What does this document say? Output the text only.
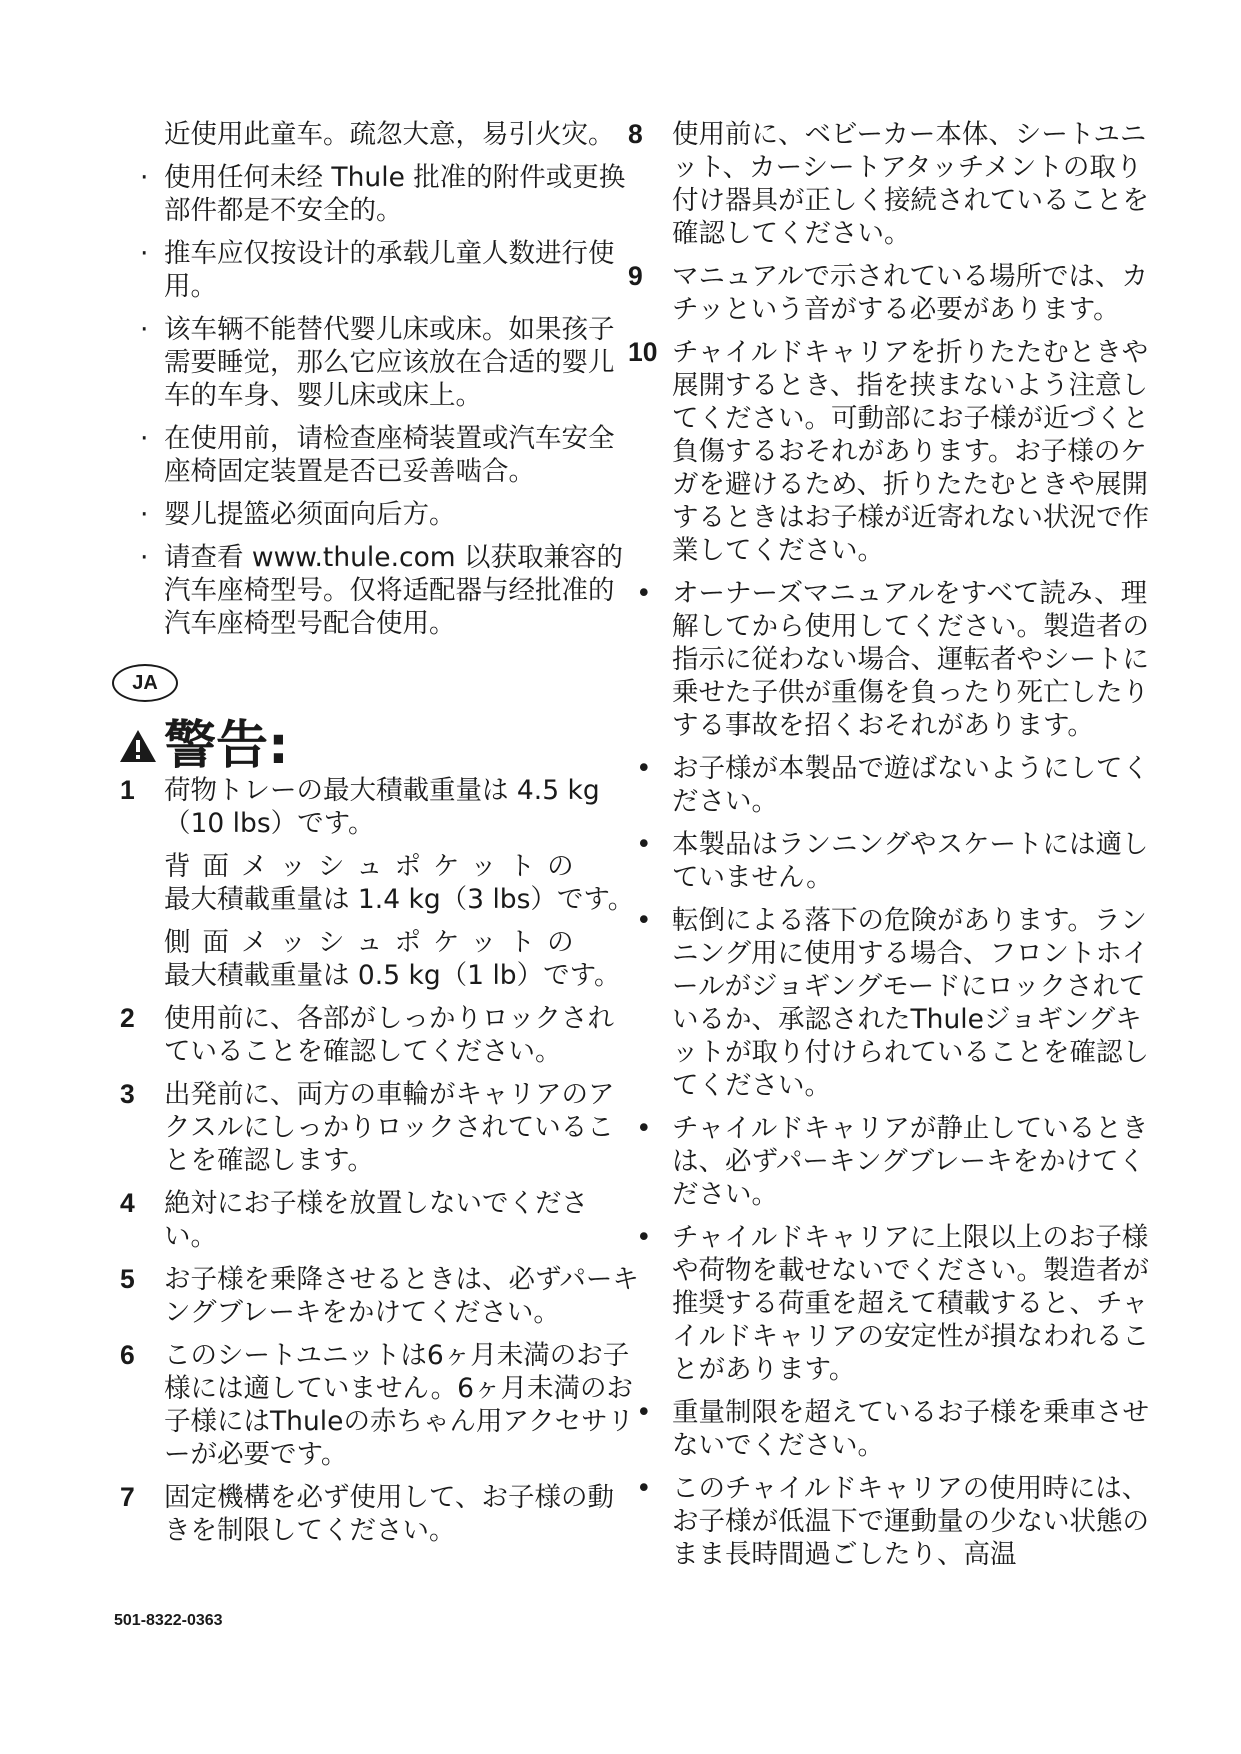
近使用此童车。疏忽大意，易引火灾。
· 使用任何未经 Thule 批准的附件或更换部件都是不安全的。
· 推车应仅按设计的承载儿童人数进行使用。
· 该车辆不能替代婴儿床或床。如果孩子需要睡觉，那么它应该放在合适的婴儿车的车身、婴儿床或床上。
· 在使用前，请检查座椅装置或汽车安全座椅固定装置是否已妥善啮合。
· 婴儿提篮必须面向后方。
· 请查看 www.thule.com 以获取兼容的汽车座椅型号。仅将适配器与经批准的汽车座椅型号配合使用。
JA
警告:
1 荷物トレーの最大積載重量は 4.5 kg（10 lbs）です。
背面メッシュポケットの
最大積載重量は 1.4 kg（3 lbs）です。
側面メッシュポケットの
最大積載重量は 0.5 kg（1 lb）です。
2 使用前に、各部がしっかりロックされていることを確認してください。
3 出発前に、両方の車輪がキャリアのアクスルにしっかりロックされていることを確認します。
4 絶対にお子様を放置しないでください。
5 お子様を乗降させるときは、必ずパーキングブレーキをかけてください。
6 このシートユニットは6ヶ月未満のお子様には適していません。6ヶ月未満のお子様にはThuleの赤ちゃん用アクセサリーが必要です。
7 固定機構を必ず使用して、お子様の動きを制限してください。
8 使用前に、ベビーカー本体、シートユニット、カーシートアタッチメントの取り付け器具が正しく接続されていることを確認してください。
9 マニュアルで示されている場所では、カチッという音がする必要があります。
10 チャイルドキャリアを折りたたむときや展開するとき、指を挟まないよう注意してください。可動部にお子様が近づくと負傷するおそれがあります。お子様のケガを避けるため、折りたたむときや展開するときはお子様が近寄れない状況で作業してください。
• オーナーズマニュアルをすべて読み、理解してから使用してください。製造者の指示に従わない場合、運転者やシートに乗せた子供が重傷を負ったり死亡したりする事故を招くおそれがあります。
• お子様が本製品で遊ばないようにしてください。
• 本製品はランニングやスケートには適していません。
• 転倒による落下の危険があります。ランニング用に使用する場合、フロントホイールがジョギングモードにロックされているか、承認されたThuleジョギングキットが取り付けられていることを確認してください。
• チャイルドキャリアが静止しているときは、必ずパーキングブレーキをかけてください。
• チャイルドキャリアに上限以上のお子様や荷物を載せないでください。製造者が推奨する荷重を超えて積載すると、チャイルドキャリアの安定性が損なわれることがあります。
• 重量制限を超えているお子様を乗車させないでください。
• このチャイルドキャリアの使用時には、お子様が低温下で運動量の少ない状態のまま長時間過ごしたり、高温
501-8322-0363
